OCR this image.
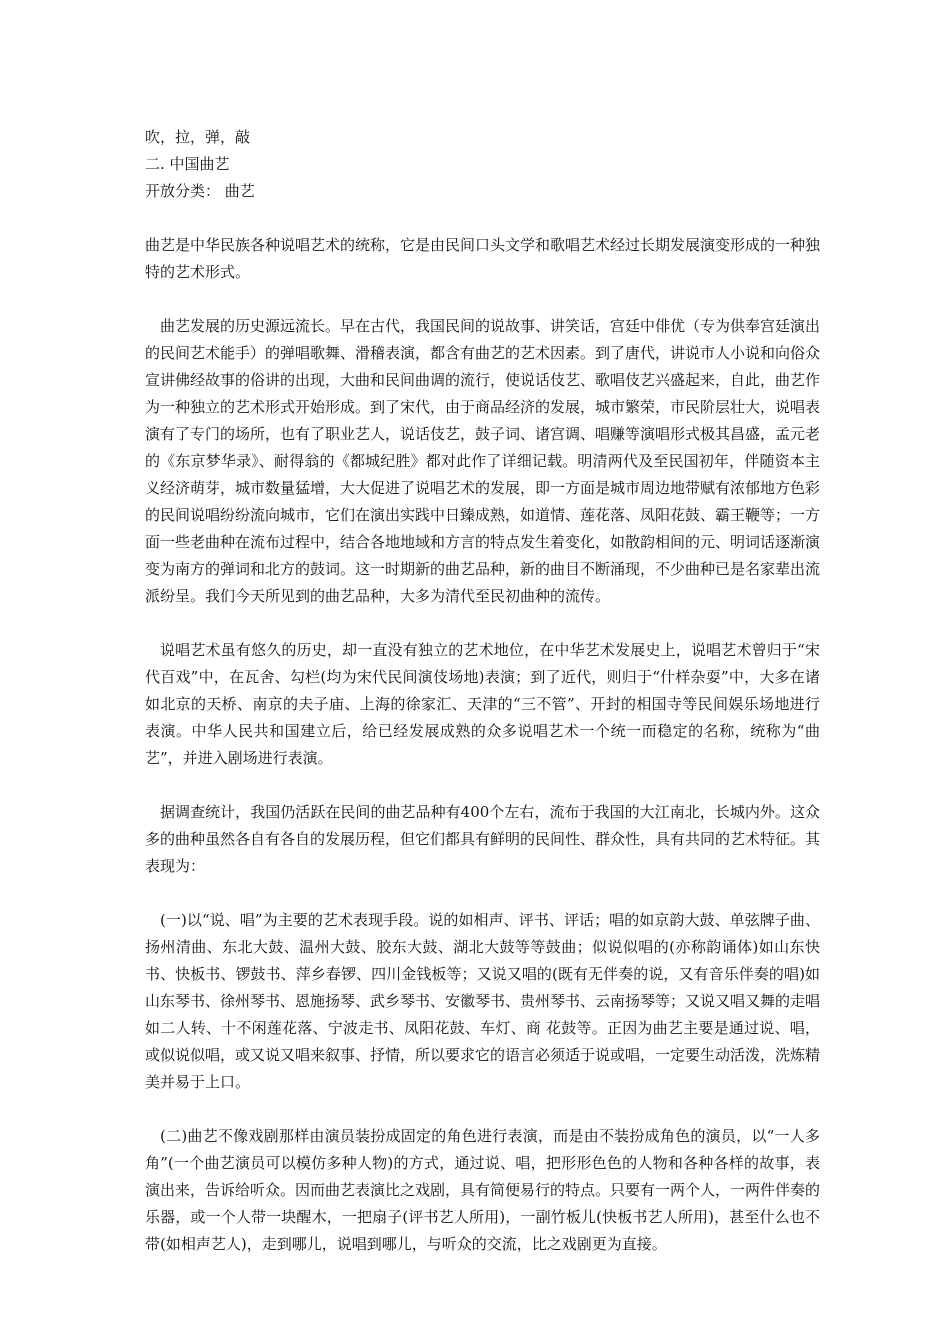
吹，拉，弹，敲

二. 中国曲艺

开放分类： 曲艺

曲艺是中华民族各种说唱艺术的统称，它是由民间口头文学和歌唱艺术经过长期发展演变形成的一种独特的艺术形式。

曲艺发展的历史源远流长。早在古代，我国民间的说故事、讲笑话，宫廷中俳优（专为供奉宫廷演出的民间艺术能手）的弹唱歌舞、滑稽表演，都含有曲艺的艺术因素。到了唐代，讲说市人小说和向俗众宣讲佛经故事的俗讲的出现，大曲和民间曲调的流行，使说话伎艺、歌唱伎艺兴盛起来，自此，曲艺作为一种独立的艺术形式开始形成。到了宋代，由于商品经济的发展，城市繁荣，市民阶层壮大，说唱表演有了专门的场所，也有了职业艺人，说话伎艺，鼓子词、诸宫调、唱赚等演唱形式极其昌盛，孟元老的《东京梦华录》、耐得翁的《都城纪胜》都对此作了详细记载。明清两代及至民国初年，伴随资本主义经济萌芽，城市数量猛增，大大促进了说唱艺术的发展，即一方面是城市周边地带赋有浓郁地方色彩的民间说唱纷纷流向城市，它们在演出实践中日臻成熟，如道情、莲花落、凤阳花鼓、霸王鞭等；一方面一些老曲种在流布过程中，结合各地地域和方言的特点发生着变化，如散韵相间的元、明词话逐渐演变为南方的弹词和北方的鼓词。这一时期新的曲艺品种，新的曲目不断涌现，不少曲种已是名家辈出流派纷呈。我们今天所见到的曲艺品种，大多为清代至民初曲种的流传。

说唱艺术虽有悠久的历史，却一直没有独立的艺术地位，在中华艺术发展史上，说唱艺术曾归于“宋代百戏”中，在瓦舍、勾栏(均为宋代民间演伎场地)表演；到了近代，则归于“什样杂耍”中，大多在诸如北京的天桥、南京的夫子庙、上海的徐家汇、天津的“三不管”、开封的相国寺等民间娱乐场地进行表演。中华人民共和国建立后，给已经发展成熟的众多说唱艺术一个统一而稳定的名称，统称为“曲艺”，并进入剧场进行表演。

据调查统计，我国仍活跃在民间的曲艺品种有400个左右，流布于我国的大江南北，长城内外。这众多的曲种虽然各自有各自的发展历程，但它们都具有鲜明的民间性、群众性，具有共同的艺术特征。其表现为：

(一)以“说、唱”为主要的艺术表现手段。说的如相声、评书、评话；唱的如京韵大鼓、单弦牌子曲、扬州清曲、东北大鼓、温州大鼓、胶东大鼓、湖北大鼓等等鼓曲；似说似唱的(亦称韵诵体)如山东快书、快板书、锣鼓书、萍乡春锣、四川金钱板等；又说又唱的(既有无伴奏的说，又有音乐伴奏的唱)如山东琴书、徐州琴书、恩施扬琴、武乡琴书、安徽琴书、贵州琴书、云南扬琴等；又说又唱又舞的走唱如二人转、十不闲莲花落、宁波走书、凤阳花鼓、车灯、商 花鼓等。正因为曲艺主要是通过说、唱，或似说似唱，或又说又唱来叙事、抒情，所以要求它的语言必须适于说或唱，一定要生动活泼，洗炼精美并易于上口。

(二)曲艺不像戏剧那样由演员装扮成固定的角色进行表演，而是由不装扮成角色的演员，以“一人多角”(一个曲艺演员可以模仿多种人物)的方式，通过说、唱，把形形色色的人物和各种各样的故事，表演出来，告诉给听众。因而曲艺表演比之戏剧，具有简便易行的特点。只要有一两个人，一两件伴奏的乐器，或一个人带一块醒木，一把扇子(评书艺人所用)，一副竹板儿(快板书艺人所用)，甚至什么也不带(如相声艺人)，走到哪儿，说唱到哪儿，与听众的交流，比之戏剧更为直接。
